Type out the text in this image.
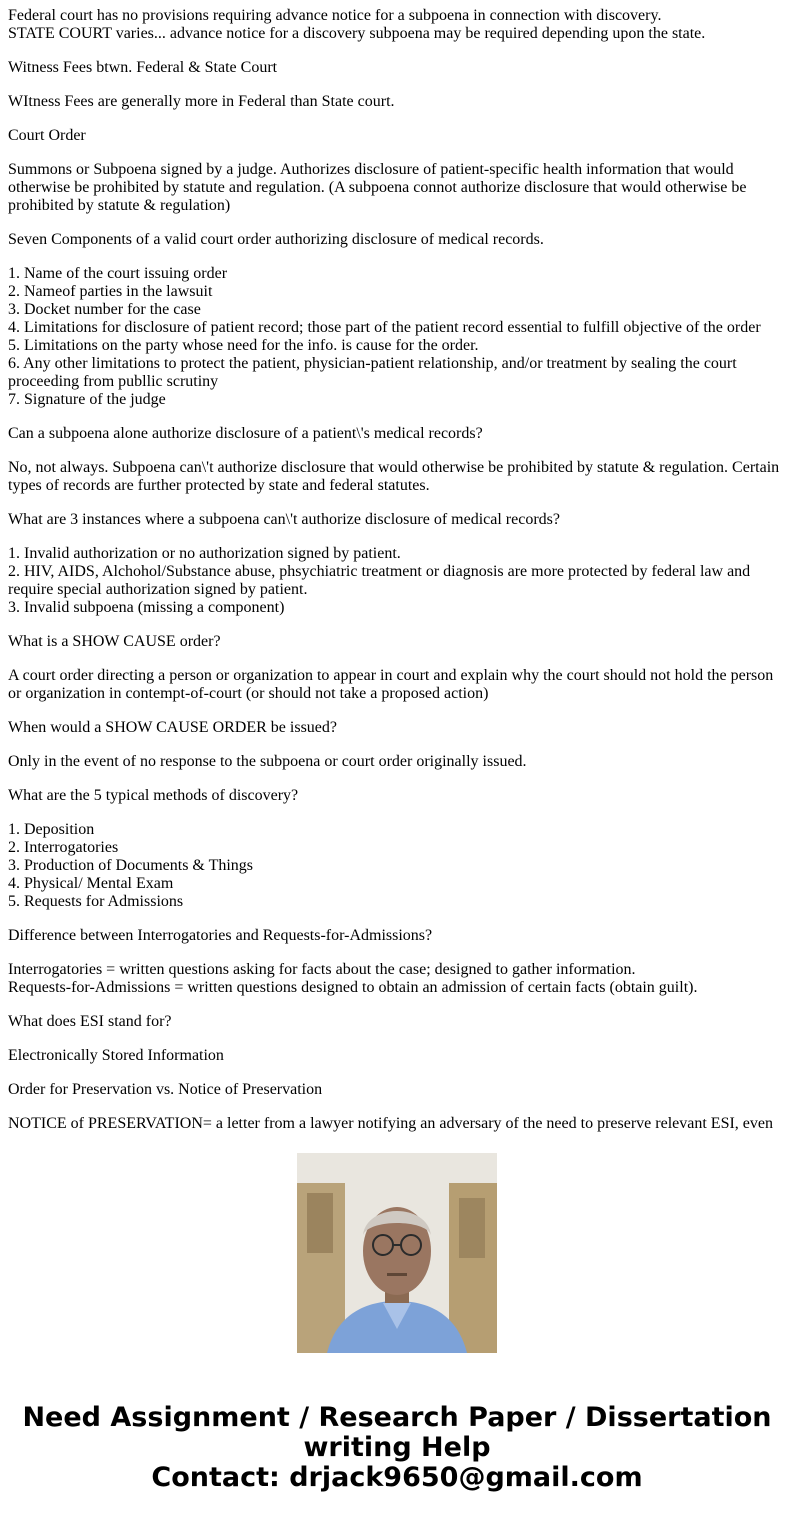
Federal court has no provisions requiring advance notice for a subpoena in connection with discovery.
STATE COURT varies... advance notice for a discovery subpoena may be required depending upon the state.

Witness Fees btwn. Federal & State Court

WItness Fees are generally more in Federal than State court.

Court Order

Summons or Subpoena signed by a judge. Authorizes disclosure of patient-specific health information that would otherwise be prohibited by statute and regulation. (A subpoena connot authorize disclosure that would otherwise be prohibited by statute & regulation)

Seven Components of a valid court order authorizing disclosure of medical records.

1. Name of the court issuing order
2. Nameof parties in the lawsuit
3. Docket number for the case
4. Limitations for disclosure of patient record; those part of the patient record essential to fulfill objective of the order
5. Limitations on the party whose need for the info. is cause for the order.
6. Any other limitations to protect the patient, physician-patient relationship, and/or treatment by sealing the court proceeding from publlic scrutiny
7. Signature of the judge

Can a subpoena alone authorize disclosure of a patient\'s medical records?

No, not always. Subpoena can\'t authorize disclosure that would otherwise be prohibited by statute & regulation. Certain types of records are further protected by state and federal statutes.

What are 3 instances where a subpoena can\'t authorize disclosure of medical records?

1. Invalid authorization or no authorization signed by patient.
2. HIV, AIDS, Alchohol/Substance abuse, phsychiatric treatment or diagnosis are more protected by federal law and require special authorization signed by patient.
3. Invalid subpoena (missing a component)

What is a SHOW CAUSE order?

A court order directing a person or organization to appear in court and explain why the court should not hold the person or organization in contempt-of-court (or should not take a proposed action)

When would a SHOW CAUSE ORDER be issued?

Only in the event of no response to the subpoena or court order originally issued.

What are the 5 typical methods of discovery?

1. Deposition
2. Interrogatories
3. Production of Documents & Things
4. Physical/ Mental Exam
5. Requests for Admissions

Difference between Interrogatories and Requests-for-Admissions?

Interrogatories = written questions asking for facts about the case; designed to gather information.
Requests-for-Admissions = written questions designed to obtain an admission of certain facts (obtain guilt).

What does ESI stand for?

Electronically Stored Information

Order for Preservation vs. Notice of Preservation

NOTICE of PRESERVATION= a letter from a lawyer notifying an adversary of the need to preserve relevant ESI, even

Need Assignment / Research Paper / Dissertation
writing Help
Contact: drjack9650@gmail.com
